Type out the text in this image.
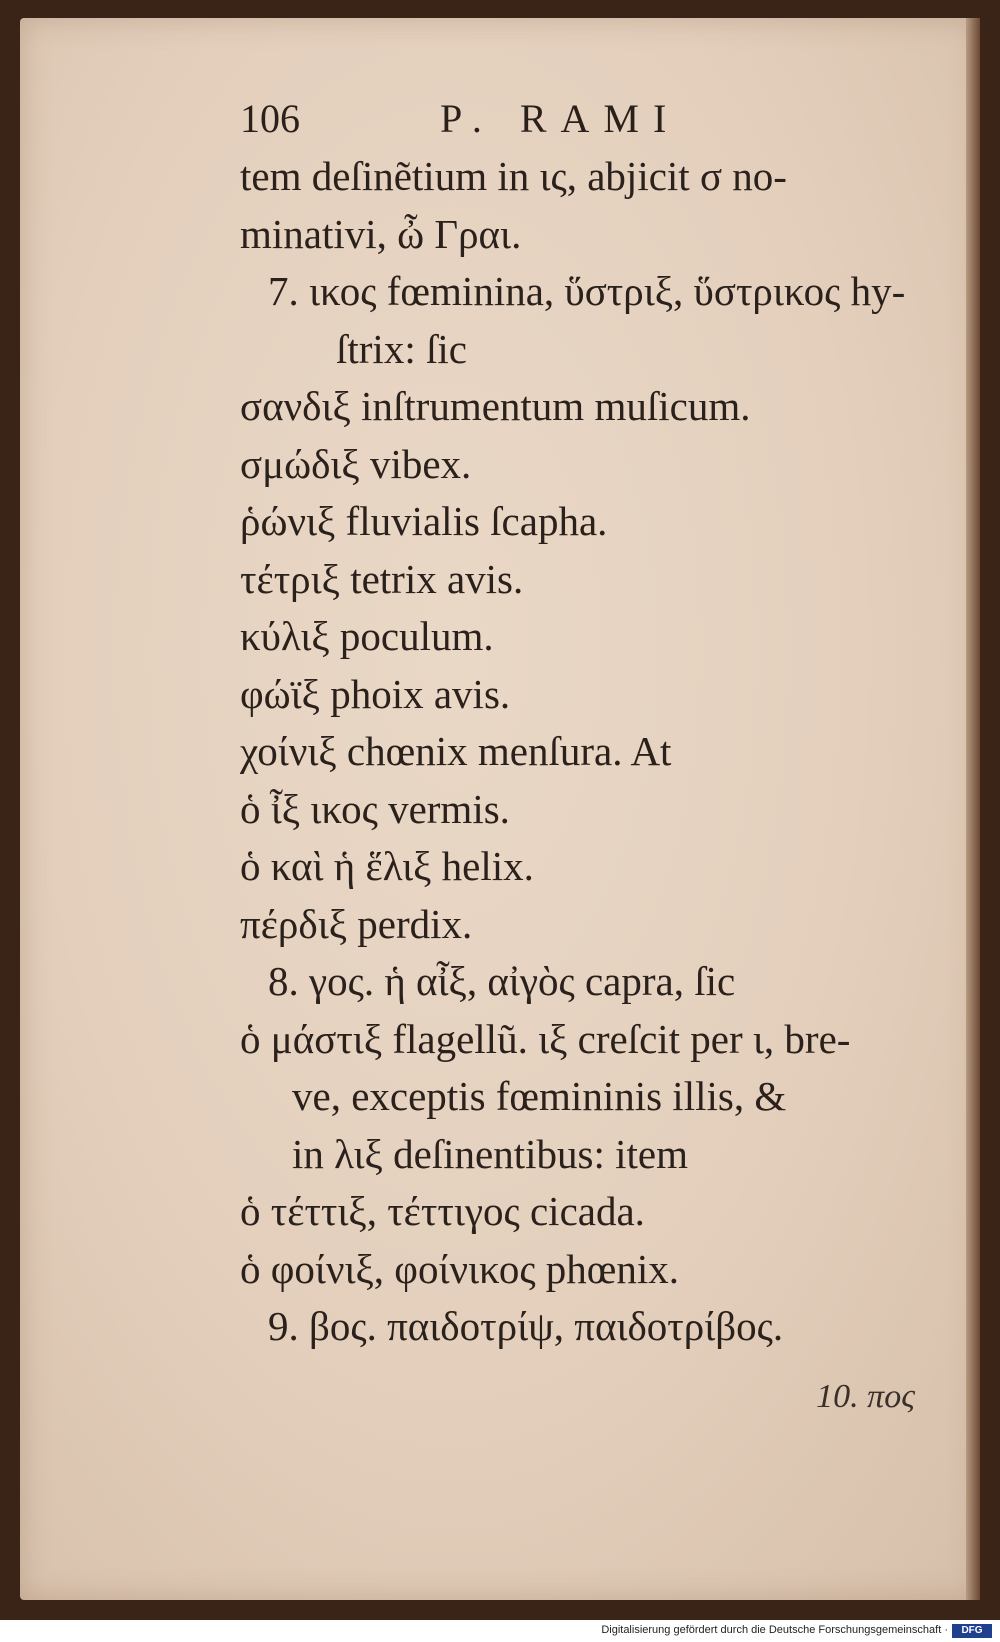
106	P. RAMI
tem deſinẽtium in ις, abjicit σ no-
minativi, ὦ Γραι.
7. ικος fœminina, ὕστριξ, ὕστρικος hy-
ſtrix: ſic
σανδιξ inſtrumentum muſicum.
σμώδιξ vibex.
ῥώνιξ fluvialis ſcapha.
τέτριξ tetrix avis.
κύλιξ poculum.
φώϊξ phoix avis.
χοίνιξ chœnix menſura. At
ὁ ἶξ ικος vermis.
ὁ καὶ ἡ ἕλιξ helix.
πέρδιξ perdix.
8. γος. ἡ αἶξ, αἰγὸς capra, ſic
ὁ μάστιξ flagellũ. ιξ creſcit per ι, bre-
ve, exceptis fœmininis illis, &
in λιξ deſinentibus: item
ὁ τέττιξ, τέττιγος cicada.
ὁ φοίνιξ, φοίνικος phœnix.
9. βος. παιδοτρίψ, παιδοτρίβος.
10. πος
Digitalisierung gefördert durch die Deutsche Forschungsgemeinschaft ·	DFG
